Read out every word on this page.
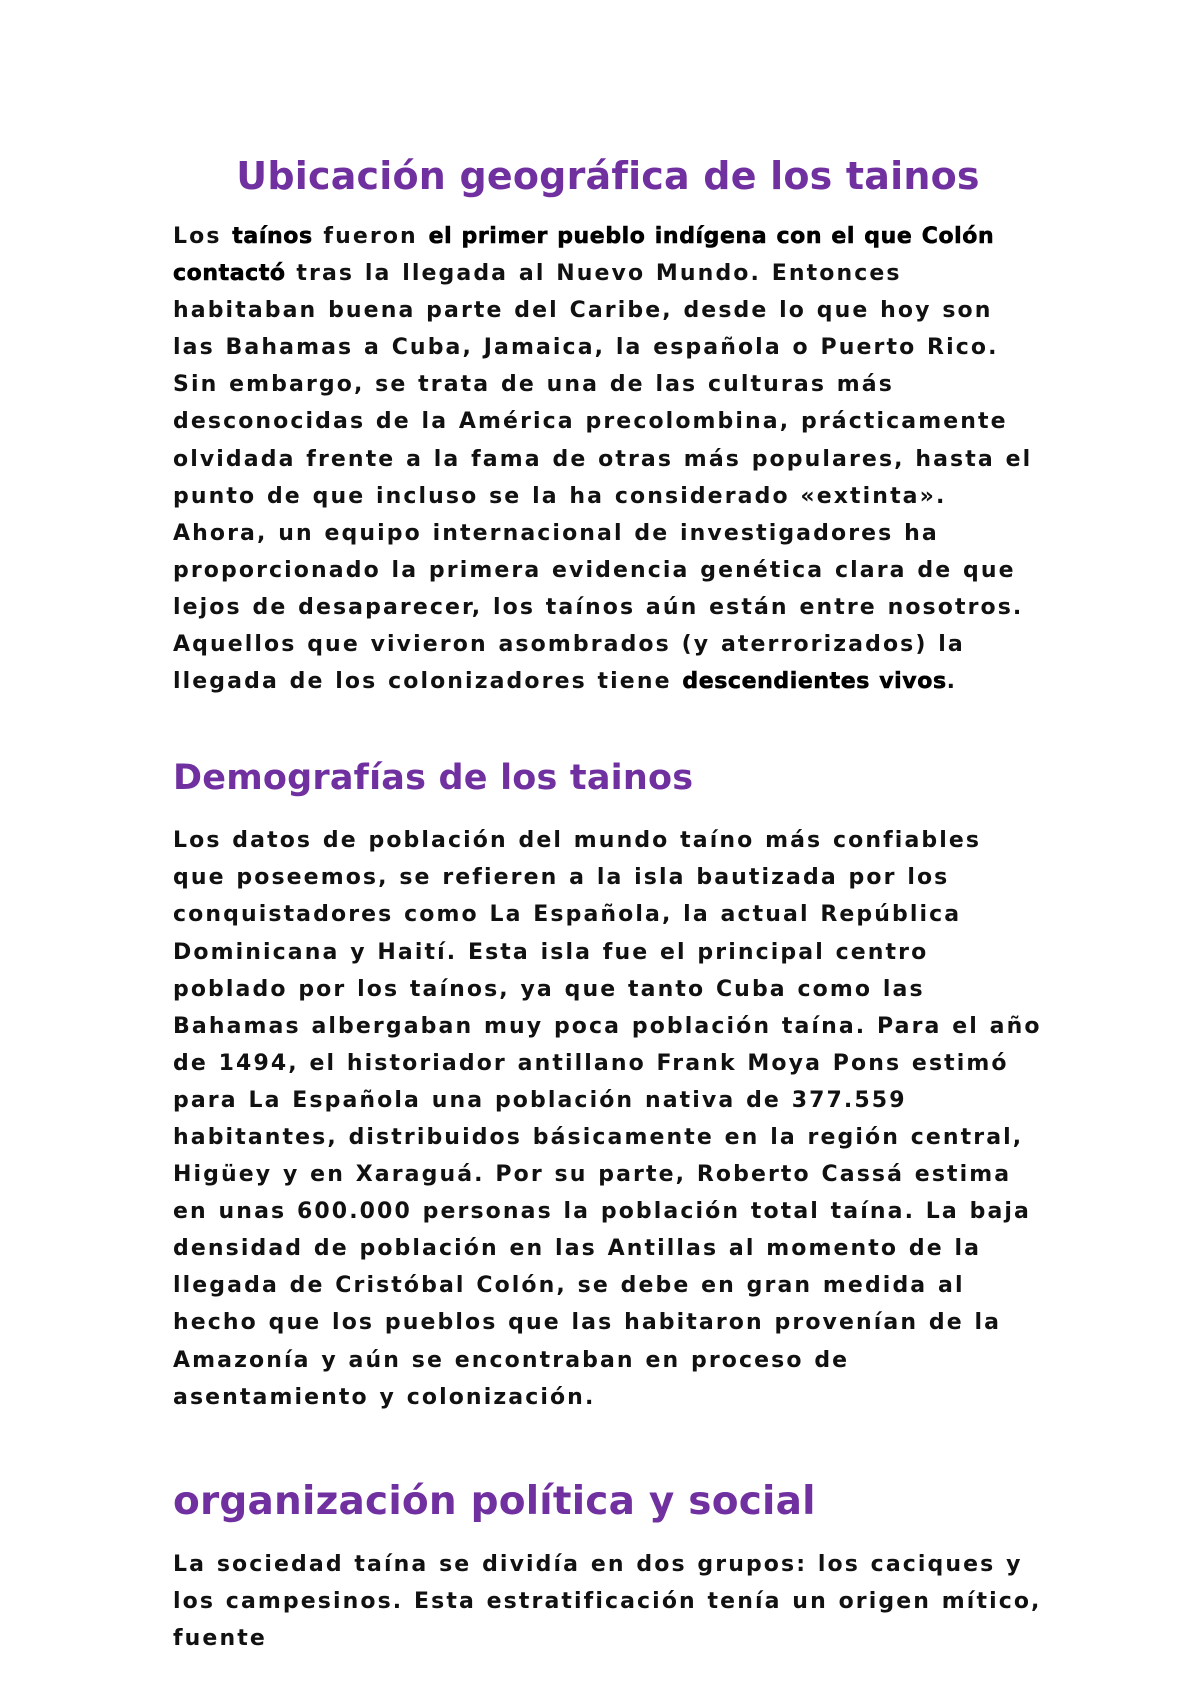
Ubicación geográfica de los tainos

Los taínos fueron el primer pueblo indígena con el que Colón contactó tras la llegada al Nuevo Mundo. Entonces habitaban buena parte del Caribe, desde lo que hoy son las Bahamas a Cuba, Jamaica, la española o Puerto Rico. Sin embargo, se trata de una de las culturas más desconocidas de la América precolombina, prácticamente olvidada frente a la fama de otras más populares, hasta el punto de que incluso se la ha considerado «extinta». Ahora, un equipo internacional de investigadores ha proporcionado la primera evidencia genética clara de que lejos de desaparecer, los taínos aún están entre nosotros. Aquellos que vivieron asombrados (y aterrorizados) la llegada de los colonizadores tiene descendientes vivos.

Demografías de los tainos

Los datos de población del mundo taíno más confiables que poseemos, se refieren a la isla bautizada por los conquistadores como La Española, la actual República Dominicana y Haití. Esta isla fue el principal centro poblado por los taínos, ya que tanto Cuba como las Bahamas albergaban muy poca población taína. Para el año de 1494, el historiador antillano Frank Moya Pons estimó para La Española una población nativa de 377.559 habitantes, distribuidos básicamente en la región central, Higüey y en Xaraguá. Por su parte, Roberto Cassá estima en unas 600.000 personas la población total taína. La baja densidad de población en las Antillas al momento de la llegada de Cristóbal Colón, se debe en gran medida al hecho que los pueblos que las habitaron provenían de la Amazonía y aún se encontraban en proceso de asentamiento y colonización.

organización política y social

La sociedad taína se dividía en dos grupos: los caciques y los campesinos. Esta estratificación tenía un origen mítico, fuente
